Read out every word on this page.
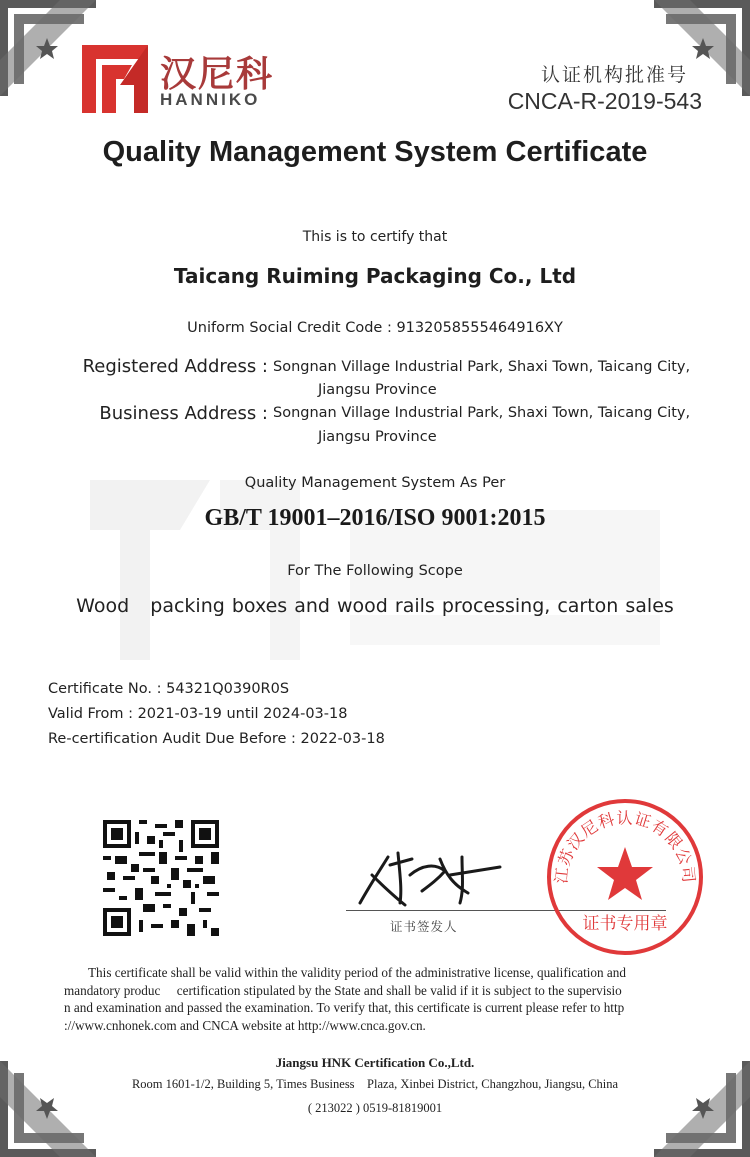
汉尼科
HANNIKO
认证机构批准号
CNCA-R-2019-543
Quality Management System Certificate
This is to certify that
Taicang Ruiming Packaging Co., Ltd
Uniform Social Credit Code : 9132058555464916XY
Registered Address : Songnan Village Industrial Park, Shaxi Town, Taicang City,
Jiangsu Province
Business Address : Songnan Village Industrial Park, Shaxi Town, Taicang City,
Jiangsu Province
Quality Management System As Per
GB/T 19001–2016/ISO 9001:2015
For The Following Scope
Wood   packing boxes and wood rails processing, carton sales
Certificate No. : 54321Q0390R0S
Valid From : 2021-03-19 until 2024-03-18
Re-certification Audit Due Before : 2022-03-18
证书签发人
江苏汉尼科认证有限公司
证书专用章
This certificate shall be valid within the validity period of the administrative license, qualification and
mandatory produc     certification stipulated by the State and shall be valid if it is subject to the supervisio
n and examination and passed the examination. To verify that, this certificate is current please refer to http
://www.cnhonek.com and CNCA website at http://www.cnca.gov.cn.
Jiangsu HNK Certification Co.,Ltd.
Room 1601-1/2, Building 5, Times Business    Plaza, Xinbei District, Changzhou, Jiangsu, China
( 213022 ) 0519-81819001
